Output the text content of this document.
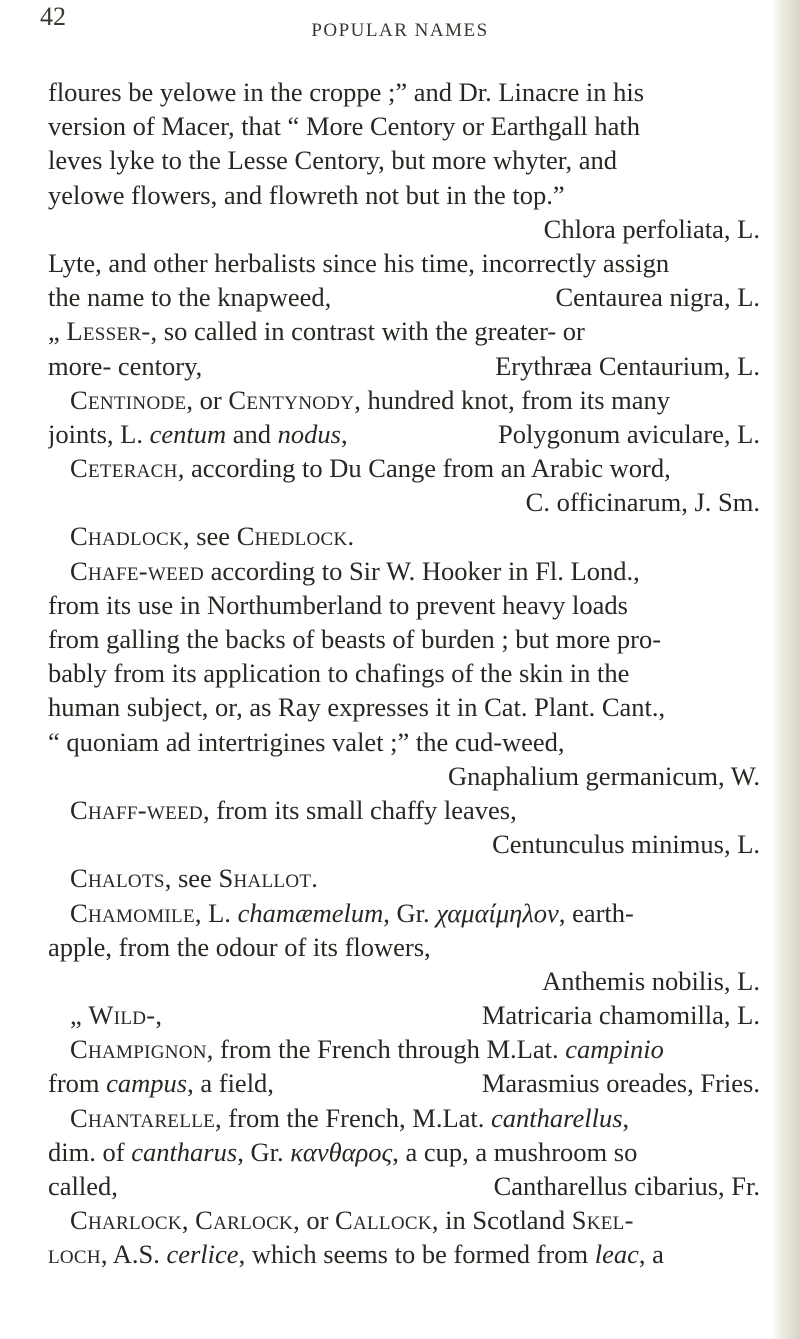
42	POPULAR NAMES
floures be yelowe in the croppe ;” and Dr. Linacre in his
version of Macer, that “ More Centory or Earthgall hath
leves lyke to the Lesse Centory, but more whyter, and
yelowe flowers, and flowreth not but in the top.”
Chlora perfoliata, L.
Lyte, and other herbalists since his time, incorrectly assign
Centaurea nigra, L.
the name to the knapweed,
„ Lesser-, so called in contrast with the greater- or
Erythræa Centaurium, L.
more- centory,
Centinode, or Centynody, hundred knot, from its many
Polygonum aviculare, L.
joints, L. centum and nodus,
Ceterach, according to Du Cange from an Arabic word,
C. officinarum, J. Sm.
Chadlock, see Chedlock.
Chafe-weed according to Sir W. Hooker in Fl. Lond.,
from its use in Northumberland to prevent heavy loads
from galling the backs of beasts of burden ; but more pro-
bably from its application to chafings of the skin in the
human subject, or, as Ray expresses it in Cat. Plant. Cant.,
“ quoniam ad intertrigines valet ;” the cud-weed,
Gnaphalium germanicum, W.
Chaff-weed, from its small chaffy leaves,
Centunculus minimus, L.
Chalots, see Shallot.
Chamomile, L. chamæmelum, Gr. χαμαίμηλον, earth-
apple, from the odour of its flowers,
Anthemis nobilis, L.
Matricaria chamomilla, L.
„ Wild-,
Champignon, from the French through M.Lat. campinio
Marasmius oreades, Fries.
from campus, a field,
Chantarelle, from the French, M.Lat. cantharellus,
dim. of cantharus, Gr. κανθαρος, a cup, a mushroom so
Cantharellus cibarius, Fr.
called,
Charlock, Carlock, or Callock, in Scotland Skel-
loch, A.S. cerlice, which seems to be formed from leac, a
